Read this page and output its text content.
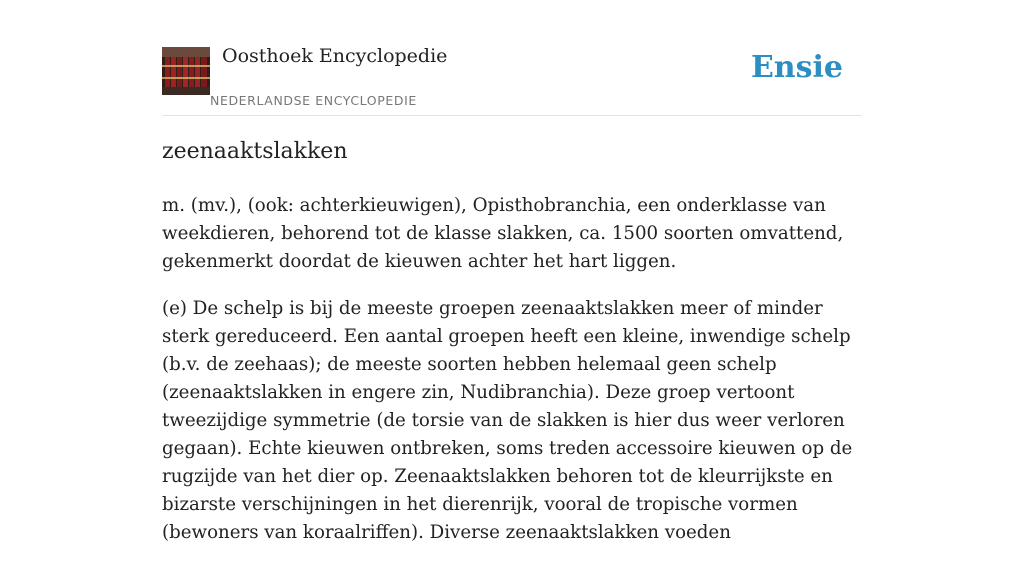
Oosthoek Encyclopedie
NEDERLANDSE ENCYCLOPEDIE
Ensie
zeenaaktslakken

m. (mv.), (ook: achterkieuwigen), Opisthobranchia, een onderklasse van weekdieren, behorend tot de klasse slakken, ca. 1500 soorten omvattend, gekenmerkt doordat de kieuwen achter het hart liggen.

(e) De schelp is bij de meeste groepen zeenaaktslakken meer of minder sterk gereduceerd. Een aantal groepen heeft een kleine, inwendige schelp (b.v. de zeehaas); de meeste soorten hebben helemaal geen schelp (zeenaaktslakken in engere zin, Nudibranchia). Deze groep vertoont tweezijdige symmetrie (de torsie van de slakken is hier dus weer verloren gegaan). Echte kieuwen ontbreken, soms treden accessoire kieuwen op de rugzijde van het dier op. Zeenaaktslakken behoren tot de kleurrijkste en bizarste verschijningen in het dierenrijk, vooral de tropische vormen (bewoners van koraalriffen). Diverse zeenaaktslakken voeden
